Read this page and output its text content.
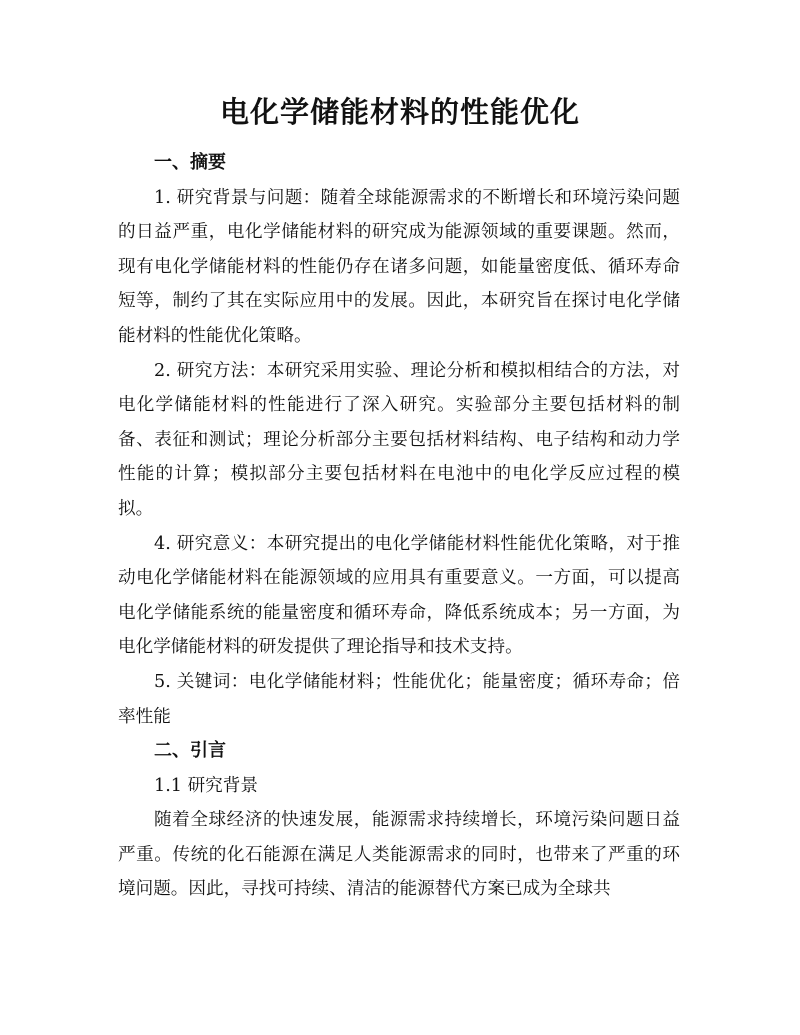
电化学储能材料的性能优化

一、摘要

1. 研究背景与问题：随着全球能源需求的不断增长和环境污染问题的日益严重，电化学储能材料的研究成为能源领域的重要课题。然而，现有电化学储能材料的性能仍存在诸多问题，如能量密度低、循环寿命短等，制约了其在实际应用中的发展。因此，本研究旨在探讨电化学储能材料的性能优化策略。

2. 研究方法：本研究采用实验、理论分析和模拟相结合的方法，对电化学储能材料的性能进行了深入研究。实验部分主要包括材料的制备、表征和测试；理论分析部分主要包括材料结构、电子结构和动力学性能的计算；模拟部分主要包括材料在电池中的电化学反应过程的模拟。

4. 研究意义：本研究提出的电化学储能材料性能优化策略，对于推动电化学储能材料在能源领域的应用具有重要意义。一方面，可以提高电化学储能系统的能量密度和循环寿命，降低系统成本；另一方面，为电化学储能材料的研发提供了理论指导和技术支持。

5. 关键词：电化学储能材料；性能优化；能量密度；循环寿命；倍率性能

二、引言

1.1 研究背景

随着全球经济的快速发展，能源需求持续增长，环境污染问题日益严重。传统的化石能源在满足人类能源需求的同时，也带来了严重的环境问题。因此，寻找可持续、清洁的能源替代方案已成为全球共
